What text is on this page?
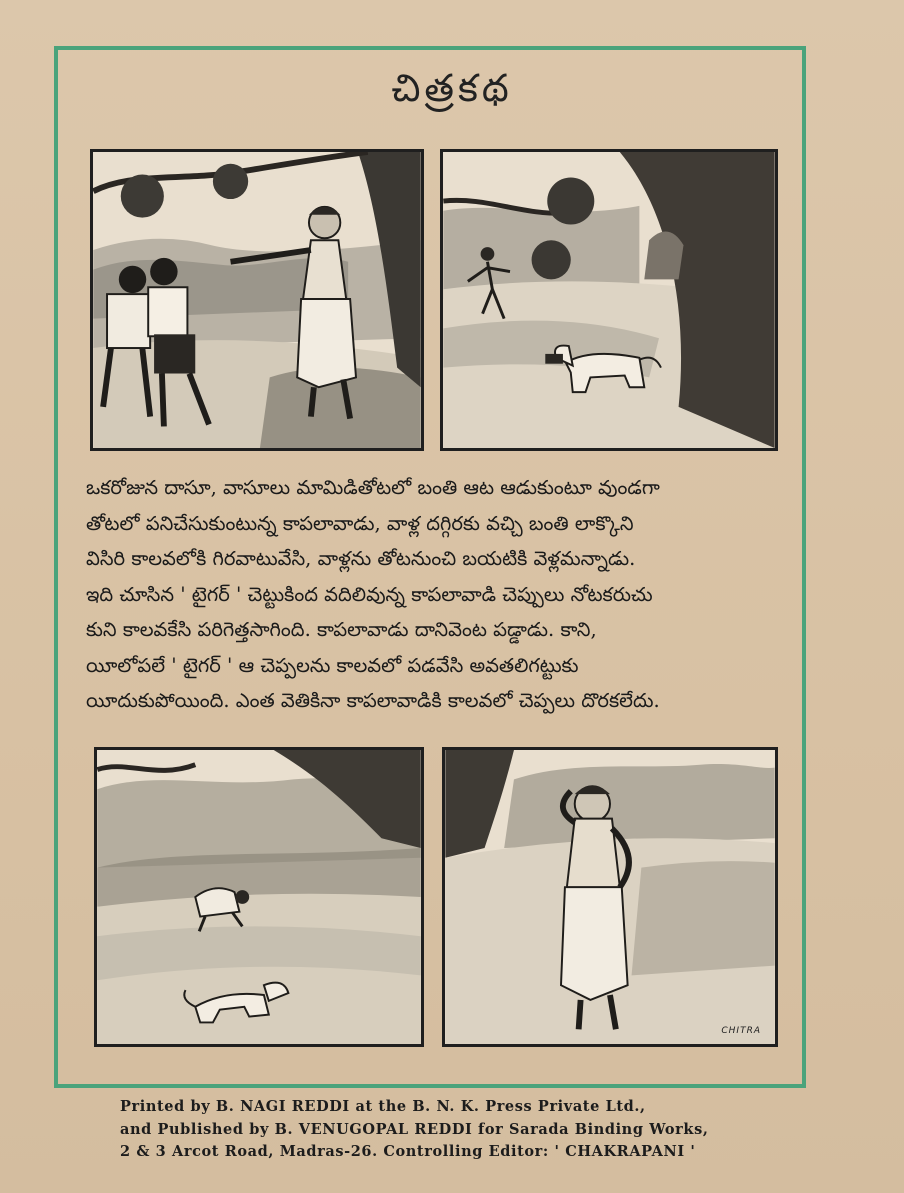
చిత్రకథ

ఒకరోజున దాసూ, వాసూలు మామిడితోటలో బంతి ఆట ఆడుకుంటూ వుండగా

తోటలో పనిచేసుకుంటున్న కాపలావాడు, వాళ్ల దగ్గిరకు వచ్చి బంతి లాక్కొని

విసిరి కాలవలోకి గిరవాటువేసి, వాళ్లను తోటనుంచి బయటికి వెళ్లమన్నాడు.

ఇది చూసిన ' టైగర్ ' చెట్టుకింద వదిలివున్న కాపలావాడి చెప్పులు నోటకరుచు

కుని కాలవకేసి పరిగెత్తసాగింది. కాపలావాడు దానివెంట పడ్డాడు. కాని,

యీలోపలే ' టైగర్ ' ఆ చెప్పలను కాలవలో పడవేసి అవతలిగట్టుకు

యీదుకుపోయింది. ఎంత వెతికినా కాపలావాడికి కాలవలో చెప్పలు దొరకలేదు.

CHITRA

Printed by B. NAGI REDDI at the B. N. K. Press Private Ltd.,

and Published by B. VENUGOPAL REDDI for Sarada Binding Works,

2 & 3 Arcot Road, Madras-26. Controlling Editor: ' CHAKRAPANI '
